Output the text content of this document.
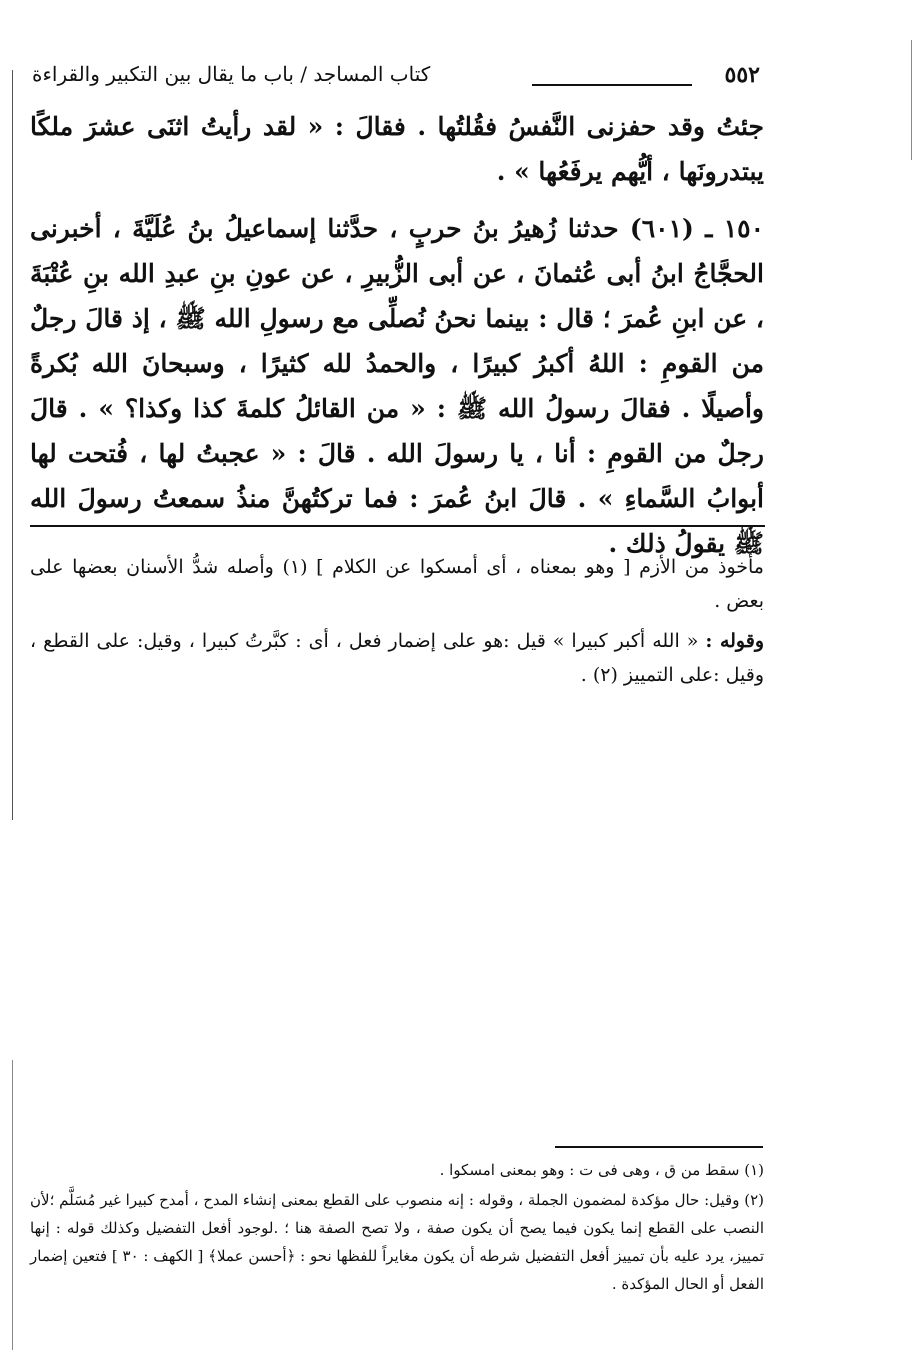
٥٥٢
كتاب المساجد / باب ما يقال بين التكبير والقراءة

جئتُ وقد حفزنى النَّفسُ فقُلتُها . فقالَ : « لقد رأيتُ اثنَى عشرَ ملكًا يبتدرونَها ، أيُّهم يرفَعُها » .

١٥٠ ـ (٦٠١) حدثنا زُهيرُ بنُ حربٍ ، حدَّثنا إسماعيلُ بنُ عُلَيَّةَ ، أخبرنى الحجَّاجُ ابنُ أبى عُثمانَ ، عن أبى الزُّبيرِ ، عن عونِ بنِ عبدِ الله بنِ عُتْبَةَ ، عن ابنِ عُمرَ ؛ قال : بينما نحنُ نُصلِّى مع رسولِ الله ﷺ ، إذ قالَ رجلٌ من القومِ : اللهُ أكبرُ كبيرًا ، والحمدُ لله كثيرًا ، وسبحانَ الله بُكرةً وأصيلًا . فقالَ رسولُ الله ﷺ : « من القائلُ كلمةَ كذا وكذا؟ » . قالَ رجلٌ من القومِ : أنا ، يا رسولَ الله . قالَ : « عجبتُ لها ، فُتحت لها أبوابُ السَّماءِ » . قالَ ابنُ عُمرَ : فما تركتُهنَّ منذُ سمعتُ رسولَ الله ﷺ يقولُ ذلك .

مأخوذ من الأزم [ وهو بمعناه ، أى أمسكوا عن الكلام ] (١) وأصله شدُّ الأسنان بعضها على بعض .

وقوله : « الله أكبر كبيرا » قيل :هو على إضمار فعل ، أى : كبَّرتُ كبيرا ، وقيل: على القطع ، وقيل :على التمييز (٢) .

(١) سقط من ق ، وهى فى ت : وهو بمعنى امسكوا .

(٢) وقيل: حال مؤكدة لمضمون الجملة ، وقوله : إنه منصوب على القطع بمعنى إنشاء المدح ، أمدح كبيرا غير مُسَلَّم ؛لأن النصب على القطع إنما يكون فيما يصح أن يكون صفة ، ولا تصح الصفة هنا ؛ .لوجود أفعل التفضيل وكذلك قوله : إنها تمييز، يرد عليه بأن تمييز أفعل التفضيل شرطه أن يكون مغايراً للفظها نحو : ﴿أحسن عملا﴾ [ الكهف : ٣٠ ] فتعين إضمار الفعل أو الحال المؤكدة .
